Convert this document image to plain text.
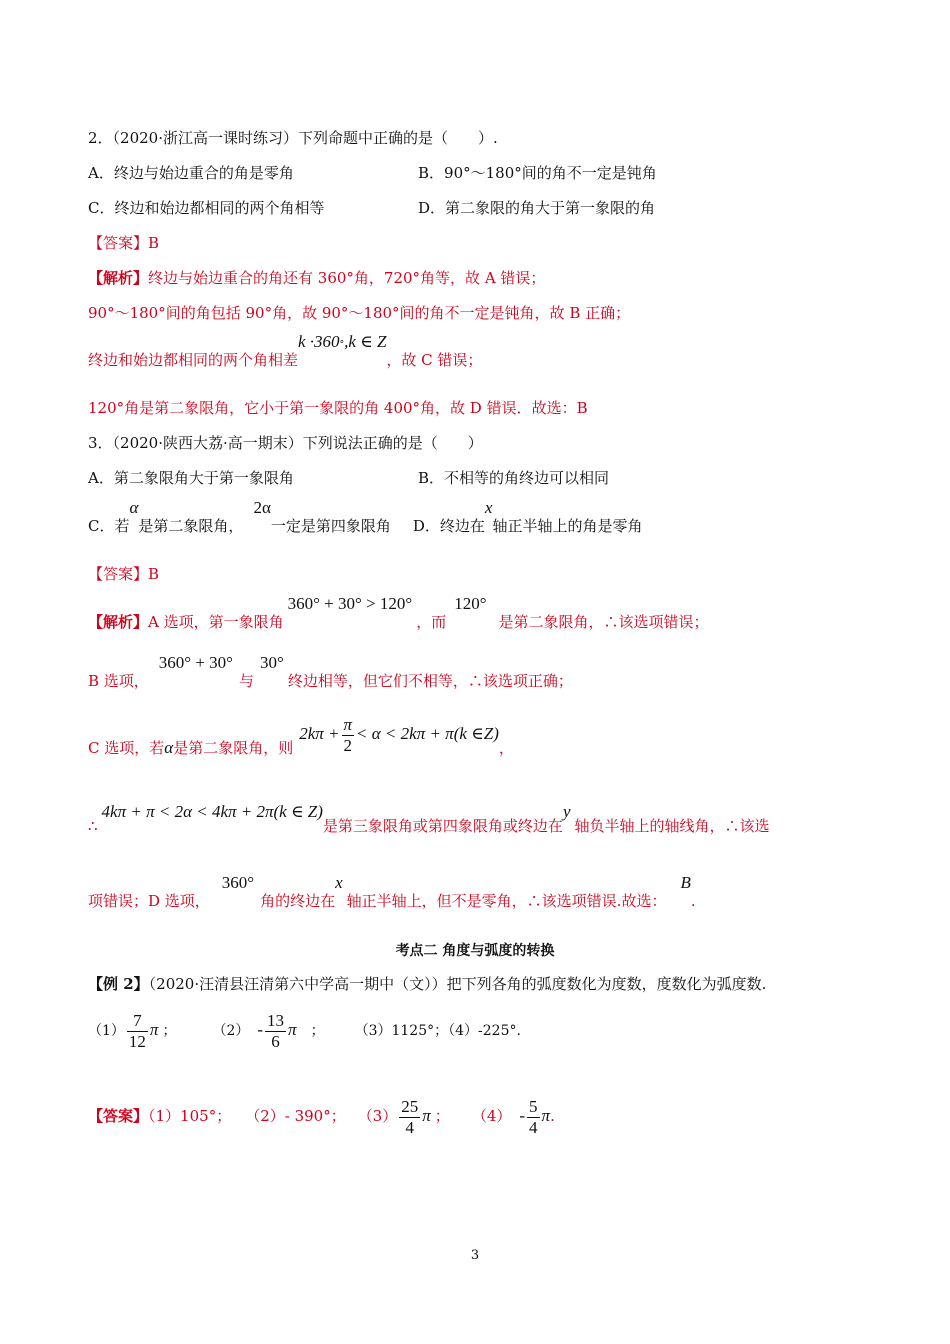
2．（2020·浙江高一课时练习）下列命题中正确的是（　　）.
A．终边与始边重合的角是零角	B．90°～180°间的角不一定是钝角
C．终边和始边都相同的两个角相等	D．第二象限的角大于第一象限的角
【答案】B
【解析】终边与始边重合的角还有 360°角，720°角等，故 A 错误；
90°～180°间的角包括 90°角，故 90°～180°间的角不一定是钝角，故 B 正确；
终边和始边都相同的两个角相差k ·360°,k ∈ Z，故 C 错误；
120°角是第二象限角，它小于第一象限的角 400°角，故 D 错误．故选：B
3．（2020·陕西大荔·高一期末）下列说法正确的是（　　）
A．第二象限角大于第一象限角	B．不相等的角终边可以相同
C．若α是第二象限角，2α一定是第四象限角 D．终边在x轴正半轴上的角是零角
【答案】B
【解析】A 选项，第一象限角360° + 30° > 120°，而120°是第二象限角，∴该选项错误；
B 选项，360° + 30°与30°终边相等，但它们不相等，∴该选项正确；
C 选项，若α是第二象限角，则$2k\pi + \frac{\pi}{2} < \alpha < 2k\pi + \pi(k$ ∈Z)，
∴4kπ + π < 2α < 4kπ + 2π(k ∈ Z)是第三象限角或第四象限角或终边在y轴负半轴上的轴线角，∴该选
项错误；D 选项，360°角的终边在x轴正半轴上，但不是零角，∴该选项错误.故选：B.
考点二 角度与弧度的转换
【例 2】（2020·汪清县汪清第六中学高一期中（文））把下列各角的弧度数化为度数，度数化为弧度数.
$(1) \frac{7}{12}$ π ；	$(2) - \frac{13}{6}$ π ； （3）1125°；（4）-225°.
【答案】（1）105°； （2）- 390°； $(3) \frac{25}{4}$ π ； $(4) - \frac{5}{4} \pi$.
3
